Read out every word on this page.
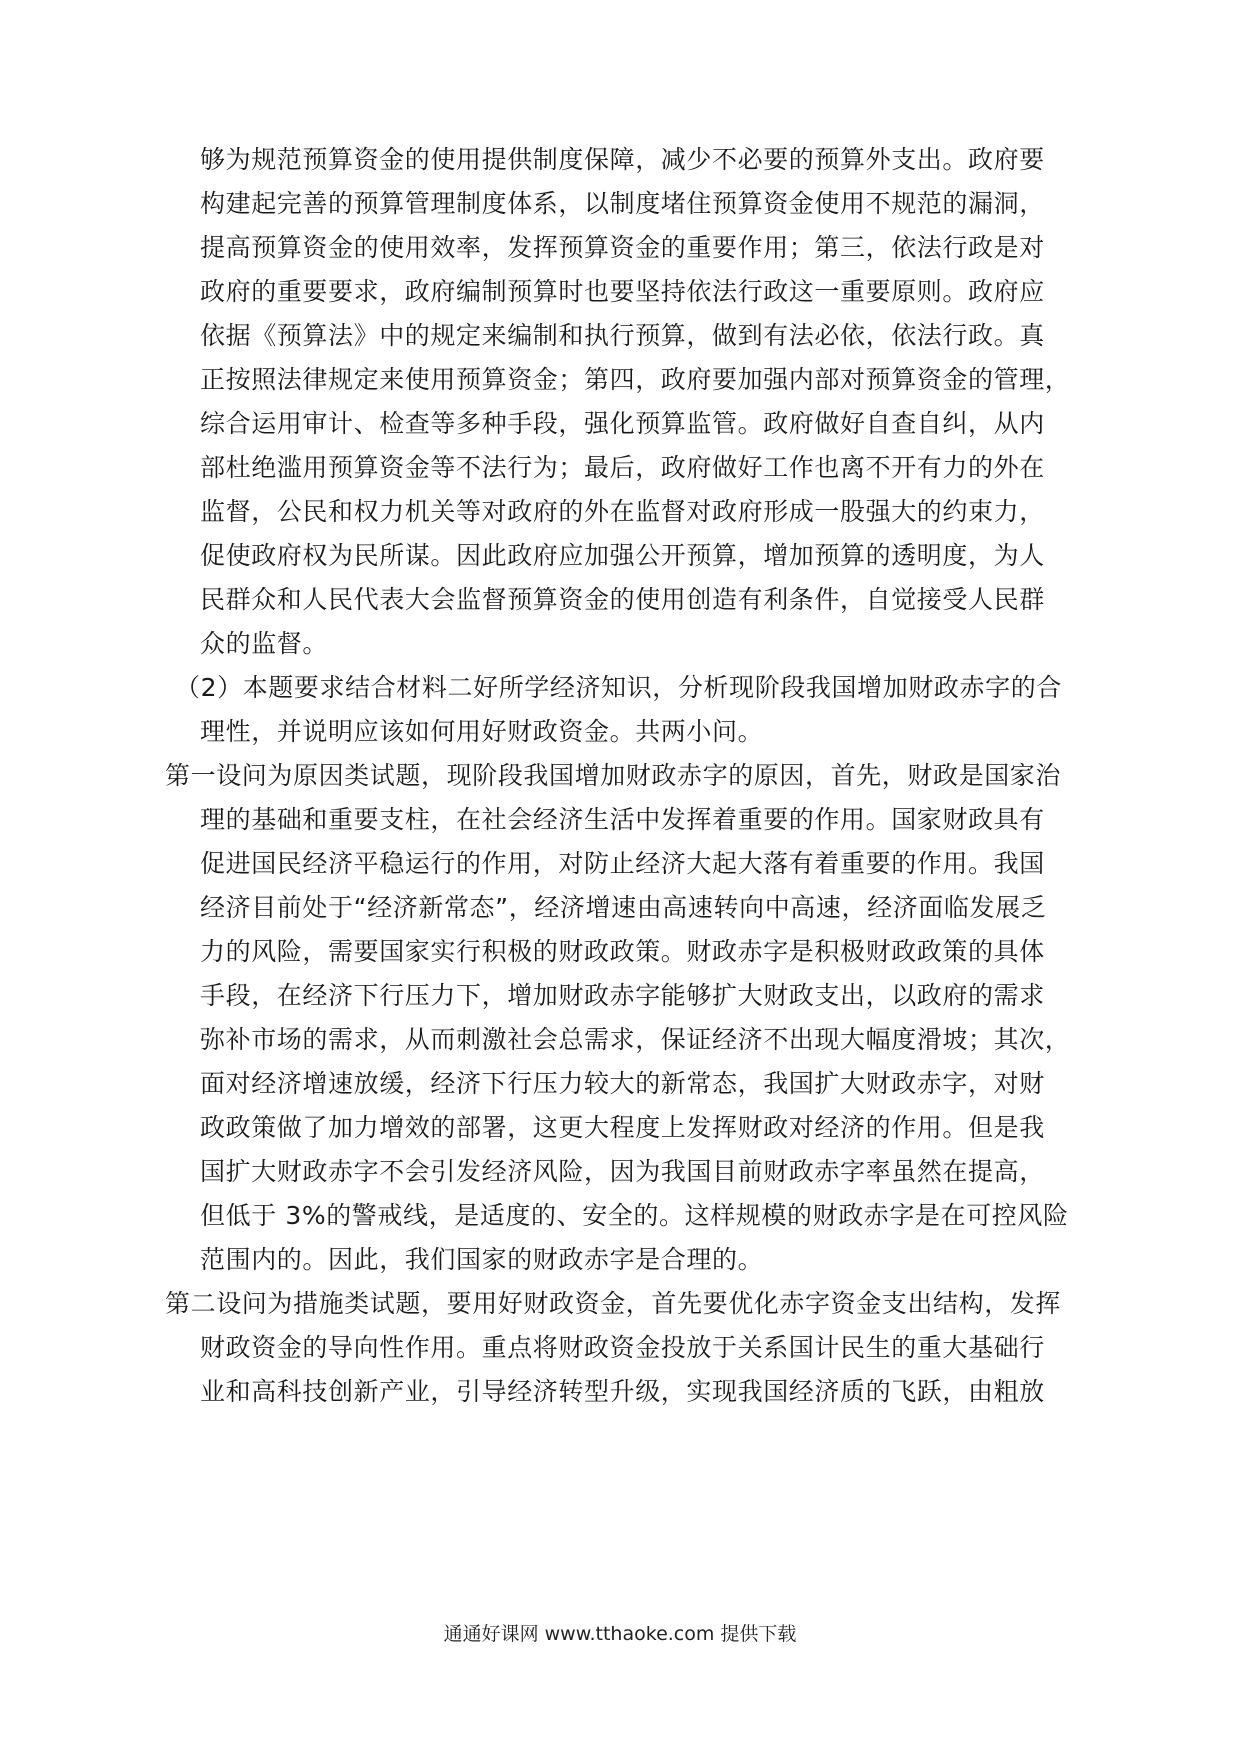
够为规范预算资金的使用提供制度保障，减少不必要的预算外支出。政府要
构建起完善的预算管理制度体系，以制度堵住预算资金使用不规范的漏洞，
提高预算资金的使用效率，发挥预算资金的重要作用；第三，依法行政是对
政府的重要要求，政府编制预算时也要坚持依法行政这一重要原则。政府应
依据《预算法》中的规定来编制和执行预算，做到有法必依，依法行政。真
正按照法律规定来使用预算资金；第四，政府要加强内部对预算资金的管理，
综合运用审计、检查等多种手段，强化预算监管。政府做好自查自纠，从内
部杜绝滥用预算资金等不法行为；最后，政府做好工作也离不开有力的外在
监督，公民和权力机关等对政府的外在监督对政府形成一股强大的约束力，
促使政府权为民所谋。因此政府应加强公开预算，增加预算的透明度，为人
民群众和人民代表大会监督预算资金的使用创造有利条件，自觉接受人民群
众的监督。
（2）本题要求结合材料二好所学经济知识，分析现阶段我国增加财政赤字的合
理性，并说明应该如何用好财政资金。共两小问。
第一设问为原因类试题，现阶段我国增加财政赤字的原因，首先，财政是国家治
理的基础和重要支柱，在社会经济生活中发挥着重要的作用。国家财政具有
促进国民经济平稳运行的作用，对防止经济大起大落有着重要的作用。我国
经济目前处于“经济新常态”，经济增速由高速转向中高速，经济面临发展乏
力的风险，需要国家实行积极的财政政策。财政赤字是积极财政政策的具体
手段，在经济下行压力下，增加财政赤字能够扩大财政支出，以政府的需求
弥补市场的需求，从而刺激社会总需求，保证经济不出现大幅度滑坡；其次，
面对经济增速放缓，经济下行压力较大的新常态，我国扩大财政赤字，对财
政政策做了加力增效的部署，这更大程度上发挥财政对经济的作用。但是我
国扩大财政赤字不会引发经济风险，因为我国目前财政赤字率虽然在提高，
但低于 3%的警戒线，是适度的、安全的。这样规模的财政赤字是在可控风险
范围内的。因此，我们国家的财政赤字是合理的。
第二设问为措施类试题，要用好财政资金，首先要优化赤字资金支出结构，发挥
财政资金的导向性作用。重点将财政资金投放于关系国计民生的重大基础行
业和高科技创新产业，引导经济转型升级，实现我国经济质的飞跃，由粗放
通通好课网 www.tthaoke.com 提供下载
